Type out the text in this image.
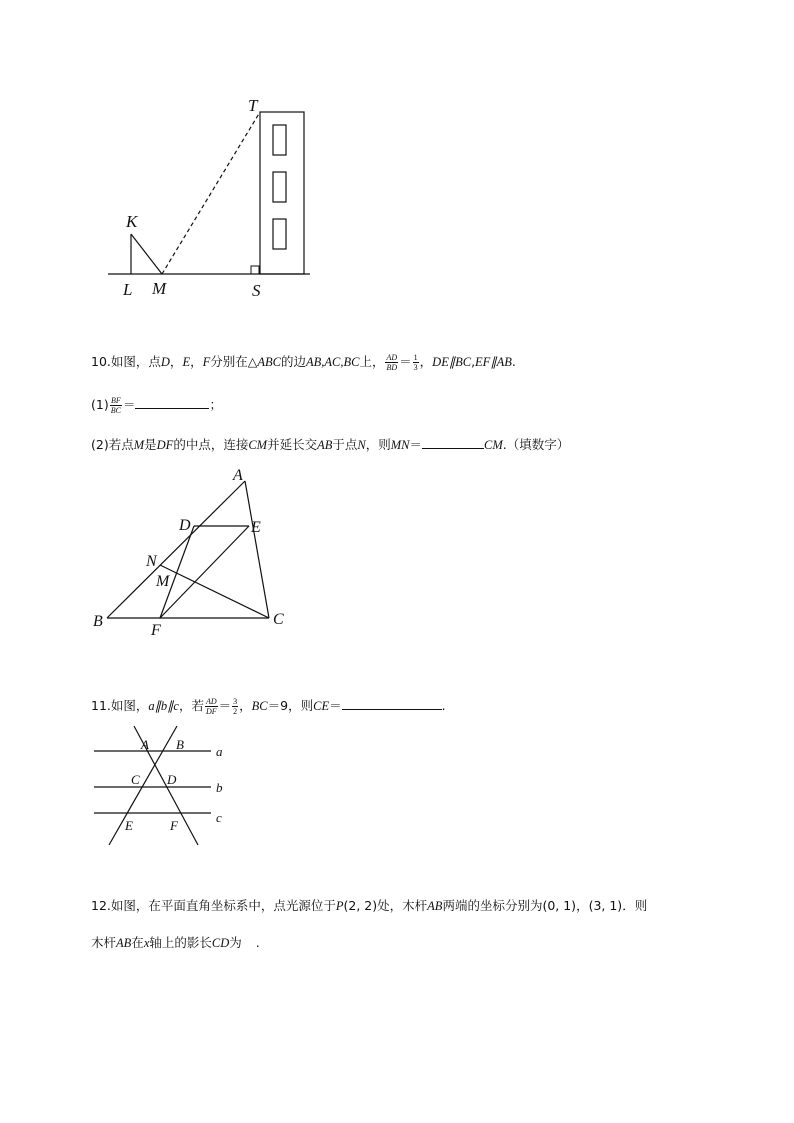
T
K
L M	S
10.如图，点D，E，F分别在△ABC的边AB,AC,BC上， $\frac{AD}{BD} = \frac{1}{3}$ ，DE∥BC,EF∥AB.
$(1) \frac{BF}{BC}$ ＝	；
(2)若点M是DF的中点，连接CM并延长交AB于点N，则MN＝	CM.（填数字）
A
D	E
N
M
B
F
C
11.如图，a∥b∥c，若 $\frac{AD}{DF} = \frac{3}{2}$ ，BC＝9，则CE＝	.
A B a
C D
b
E	F
c
12.如图，在平面直角坐标系中，点光源位于P(2, 2)处，木杆AB两端的坐标分别为(0, 1)，(3, 1)．则
木杆AB在x轴上的影长CD为 .
